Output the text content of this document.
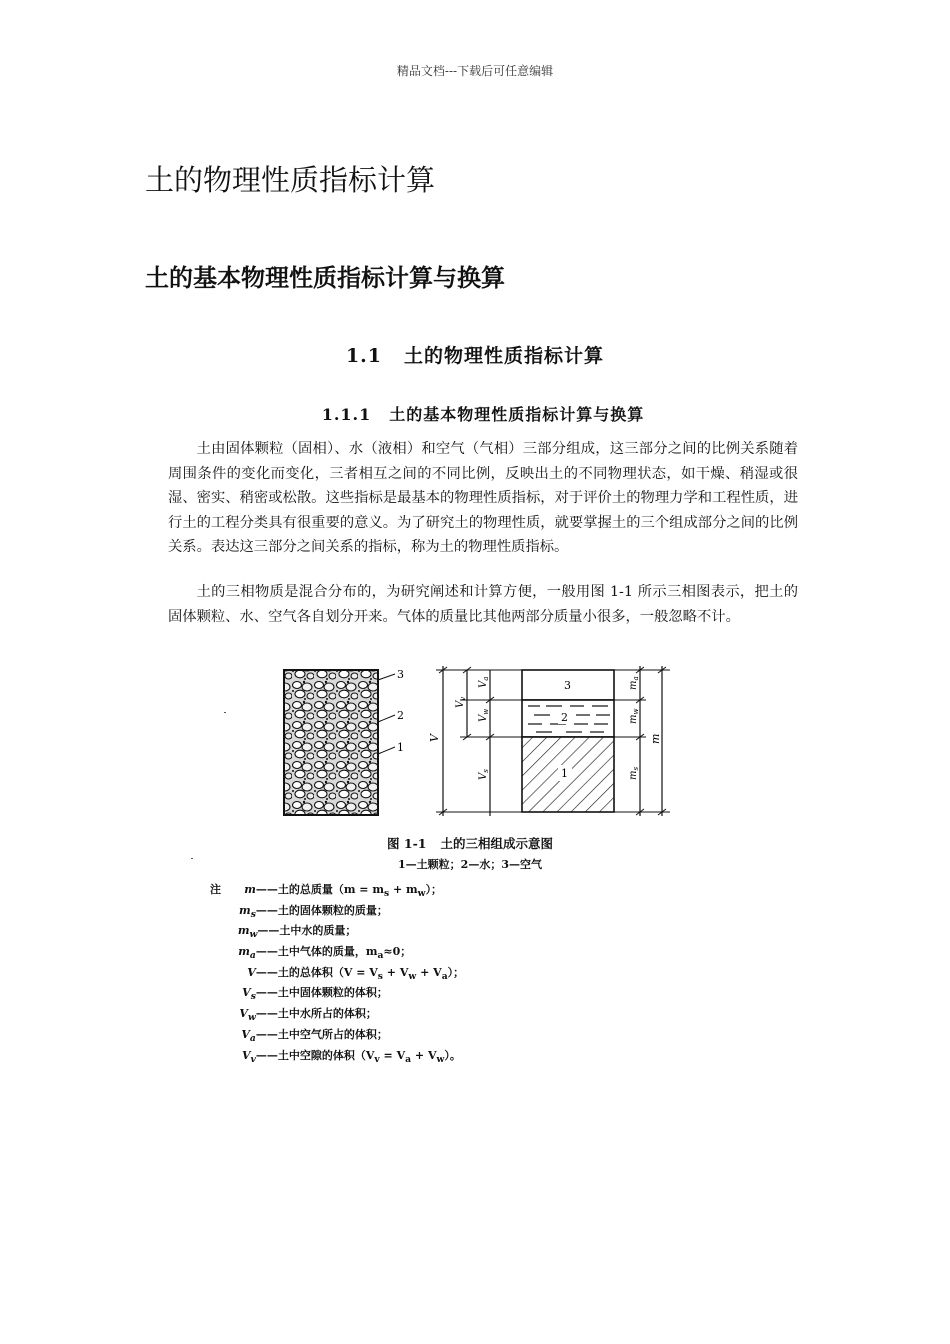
精品文档---下载后可任意编辑
土的物理性质指标计算
土的基本物理性质指标计算与换算
1.1 土的物理性质指标计算
1.1.1 土的基本物理性质指标计算与换算

土由固体颗粒（固相）、水（液相）和空气（气相）三部分组成，这三部分之间的比例关系随着周围条件的变化而变化，三者相互之间的不同比例，反映出土的不同物理状态，如干燥、稍湿或很湿、密实、稍密或松散。这些指标是最基本的物理性质指标，对于评价土的物理力学和工程性质，进行土的工程分类具有很重要的意义。为了研究土的物理性质，就要掌握土的三个组成部分之间的比例关系。表达这三部分之间关系的指标，称为土的物理性质指标。

土的三相物质是混合分布的，为研究阐述和计算方便，一般用图 1-1 所示三相图表示，把土的固体颗粒、水、空气各自划分开来。气体的质量比其他两部分质量小很多，一般忽略不计。

3
2
1
V
$V_v$
$V_a$
$V_w$
$V_s$
3
2
1
$m_a$
$m_w$
$m_s$
m
图 1-1 土的三相组成示意图
1—土颗粒；2—水；3—空气
注 m——土的总质量$(m = m_s + m_w)$；
$m_s——$土的固体颗粒的质量；
$m_w——$土中水的质量；
$m_a——$土中气体的质量，$m_a\approx 0$；
V——土的总体积$(V = V_s + V_w + V_a)$；
$V_s——$土中固体颗粒的体积；
$V_w——$土中水所占的体积；
$V_a——$土中空气所占的体积；
$V_v——$土中空隙的体积$(V_v = V_a + V_w)$。
